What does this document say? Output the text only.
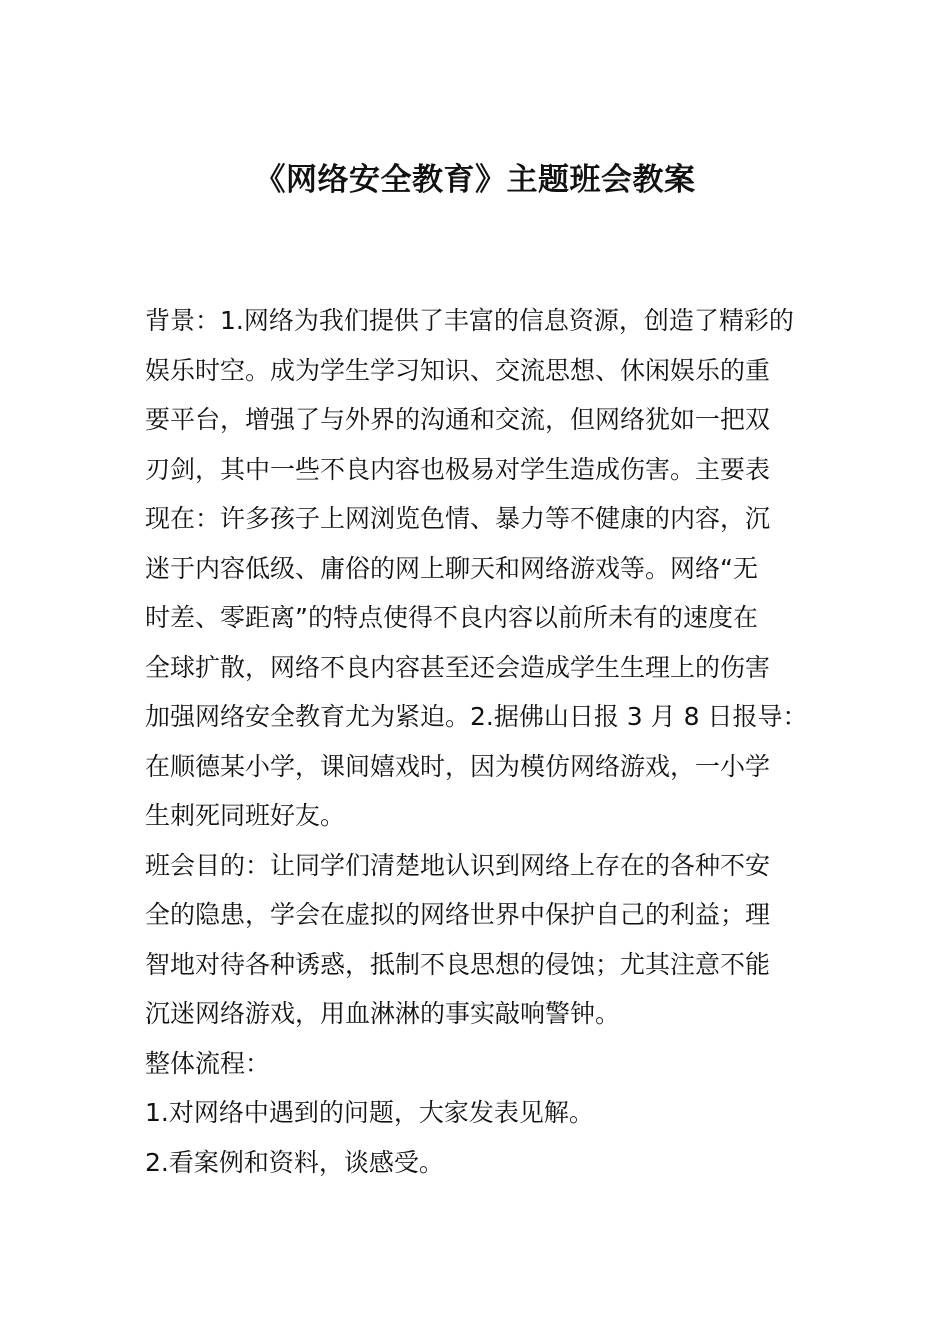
《网络安全教育》主题班会教案
背景：1.网络为我们提供了丰富的信息资源，创造了精彩的
娱乐时空。成为学生学习知识、交流思想、休闲娱乐的重
要平台，增强了与外界的沟通和交流，但网络犹如一把双
刃剑，其中一些不良内容也极易对学生造成伤害。主要表
现在：许多孩子上网浏览色情、暴力等不健康的内容，沉
迷于内容低级、庸俗的网上聊天和网络游戏等。网络“无
时差、零距离”的特点使得不良内容以前所未有的速度在
全球扩散，网络不良内容甚至还会造成学生生理上的伤害
加强网络安全教育尤为紧迫。2.据佛山日报 3 月 8 日报导：
在顺德某小学，课间嬉戏时，因为模仿网络游戏，一小学
生刺死同班好友。
班会目的：让同学们清楚地认识到网络上存在的各种不安
全的隐患，学会在虚拟的网络世界中保护自己的利益；理
智地对待各种诱惑，抵制不良思想的侵蚀；尤其注意不能
沉迷网络游戏，用血淋淋的事实敲响警钟。
整体流程：
1.对网络中遇到的问题，大家发表见解。
2.看案例和资料，谈感受。
